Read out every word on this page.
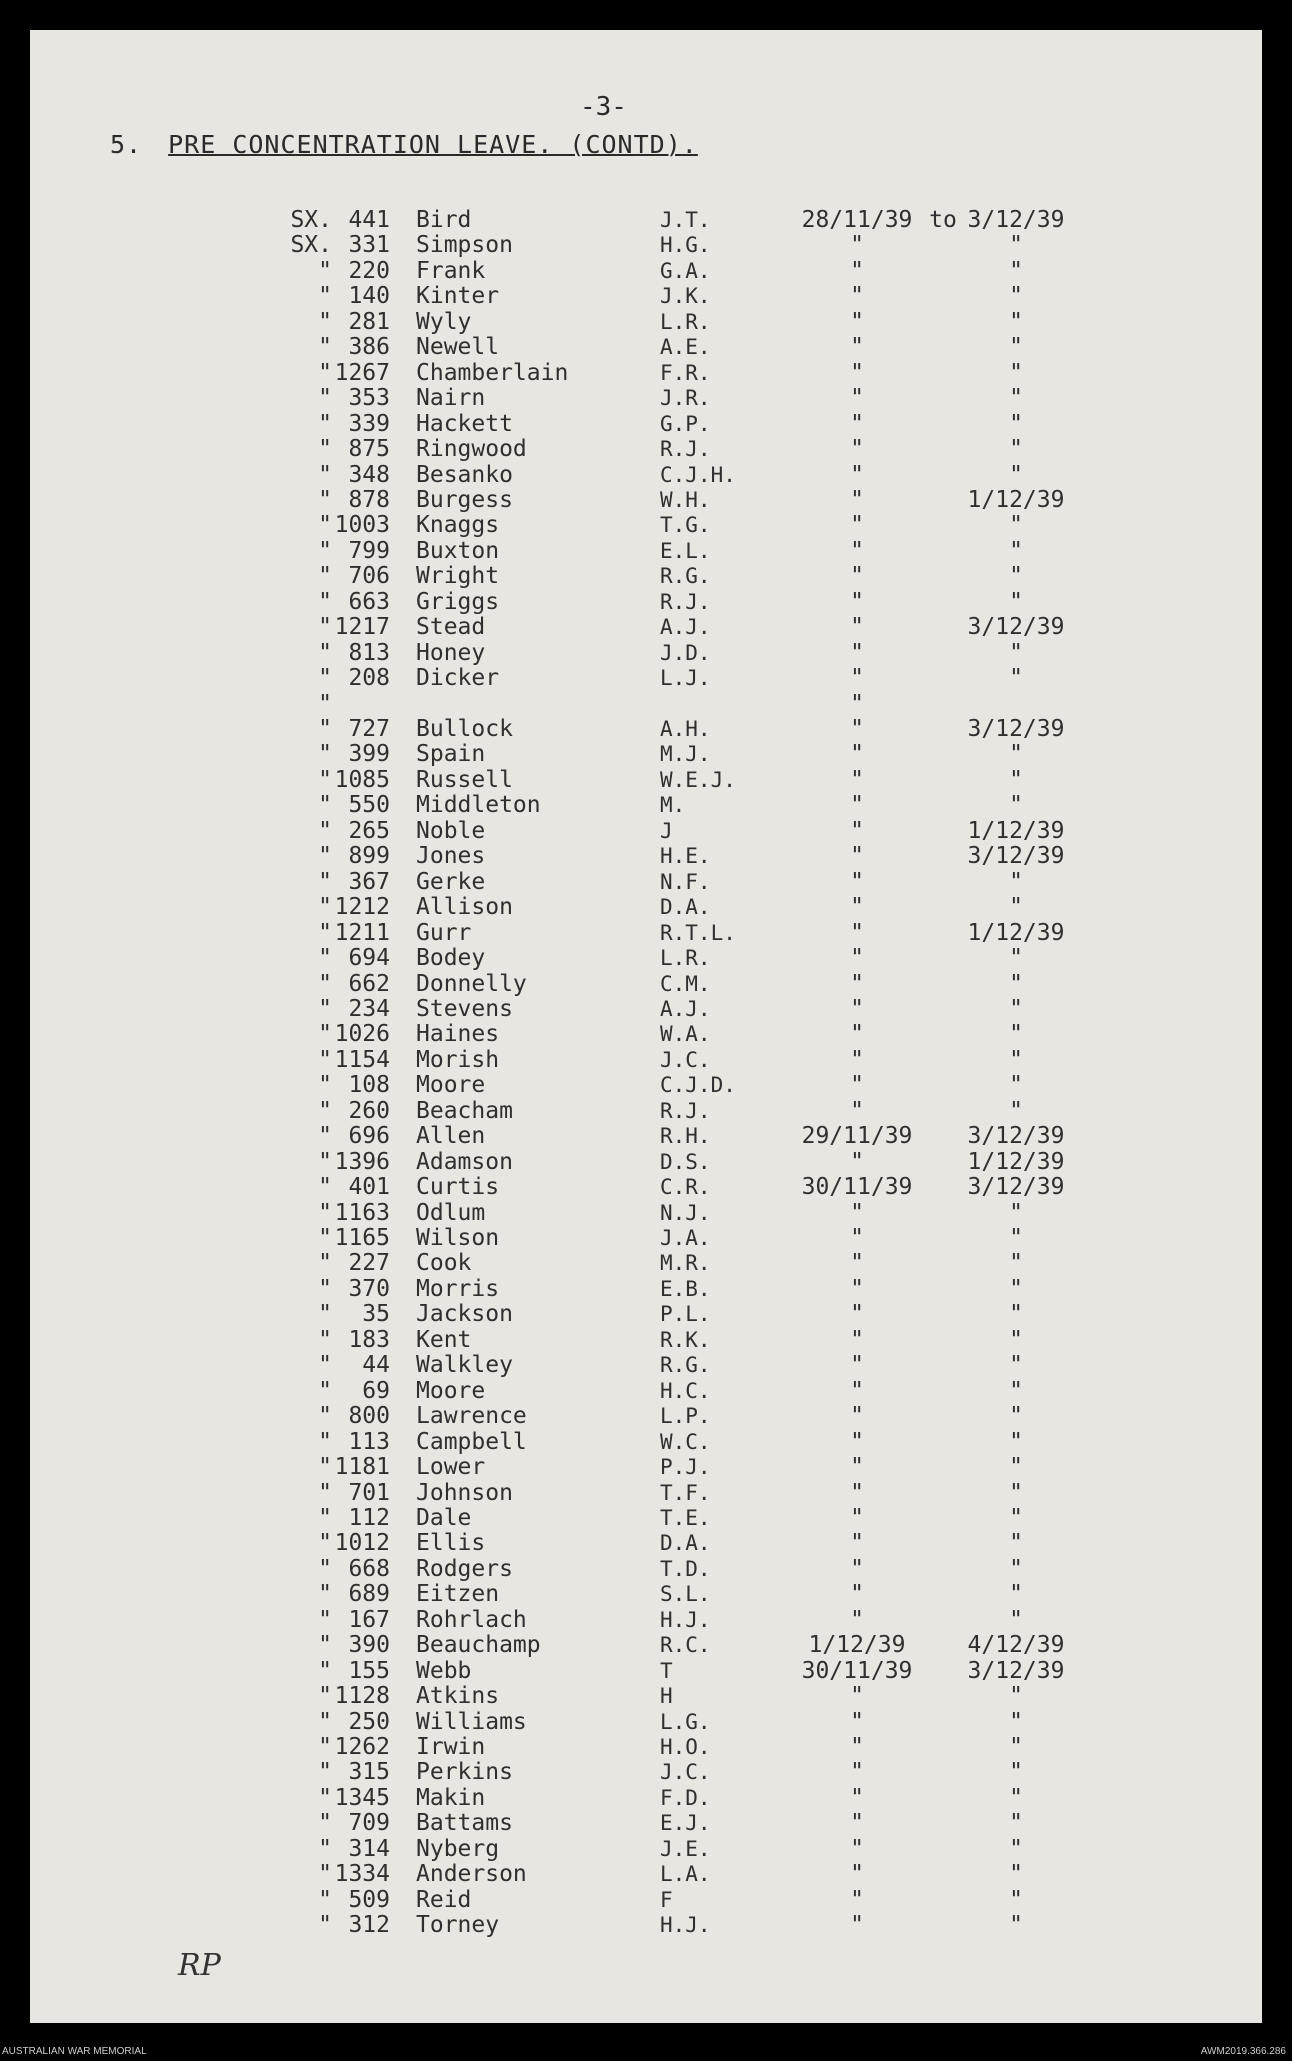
-3-
5. PRE CONCENTRATION LEAVE. (CONTD).
SX. 441 Bird	J.T.	28/11/39 to 3/12/39
SX. 331 Simpson	H.G.	"	"
" 220 Frank	G.A.	"	"
" 140 Kinter	J.K.	"	"
" 281 Wyly	L.R.	"	"
" 386 Newell	A.E.	"	"
" 1267 Chamberlain	F.R.	"	"
" 353 Nairn	J.R.	"	"
" 339 Hackett	G.P.	"	"
" 875 Ringwood	R.J.	"	"
" 348 Besanko	C.J.H.	"	"
" 878 Burgess	W.H.	"	1/12/39
" 1003 Knaggs	T.G.	"	"
" 799 Buxton	E.L.	"	"
" 706 Wright	R.G.	"	"
" 663 Griggs	R.J.	"	"
" 1217 Stead	A.J.	"	3/12/39
" 813 Honey	J.D.	"	"
" 208 Dicker	L.J.	"	"
"	"
" 727 Bullock	A.H.	"	3/12/39
" 399 Spain	M.J.	"	"
" 1085 Russell	W.E.J.	"	"
" 550 Middleton	M.	"	"
" 265 Noble	J	"	1/12/39
" 899 Jones	H.E.	"	3/12/39
" 367 Gerke	N.F.	"	"
" 1212 Allison	D.A.	"	"
" 1211 Gurr	R.T.L.	"	1/12/39
" 694 Bodey	L.R.	"	"
" 662 Donnelly	C.M.	"	"
" 234 Stevens	A.J.	"	"
" 1026 Haines	W.A.	"	"
" 1154 Morish	J.C.	"	"
" 108 Moore	C.J.D.	"	"
" 260 Beacham	R.J.	"	"
" 696 Allen	R.H.	29/11/39	3/12/39
" 1396 Adamson	D.S.	"	1/12/39
" 401 Curtis	C.R.	30/11/39	3/12/39
" 1163 Odlum	N.J.	"	"
" 1165 Wilson	J.A.	"	"
" 227 Cook	M.R.	"	"
" 370 Morris	E.B.	"	"
"	35 Jackson	P.L.	"	"
" 183 Kent	R.K.	"	"
"	44 Walkley	R.G.	"	"
"	69 Moore	H.C.	"	"
" 800 Lawrence	L.P.	"	"
" 113 Campbell	W.C.	"	"
" 1181 Lower	P.J.	"	"
" 701 Johnson	T.F.	"	"
" 112 Dale	T.E.	"	"
" 1012 Ellis	D.A.	"	"
" 668 Rodgers	T.D.	"	"
" 689 Eitzen	S.L.	"	"
" 167 Rohrlach	H.J.	"	"
" 390 Beauchamp	R.C.	1/12/39	4/12/39
" 155 Webb	T	30/11/39	3/12/39
" 1128 Atkins	H	"	"
" 250 Williams	L.G.	"	"
" 1262 Irwin	H.O.	"	"
" 315 Perkins	J.C.	"	"
" 1345 Makin	F.D.	"	"
" 709 Battams	E.J.	"	"
" 314 Nyberg	J.E.	"	"
" 1334 Anderson	L.A.	"	"
" 509 Reid	F	"	"
" 312 Torney	H.J.	"	"
RP
AUSTRALIAN WAR MEMORIAL	AWM2019.366.286
